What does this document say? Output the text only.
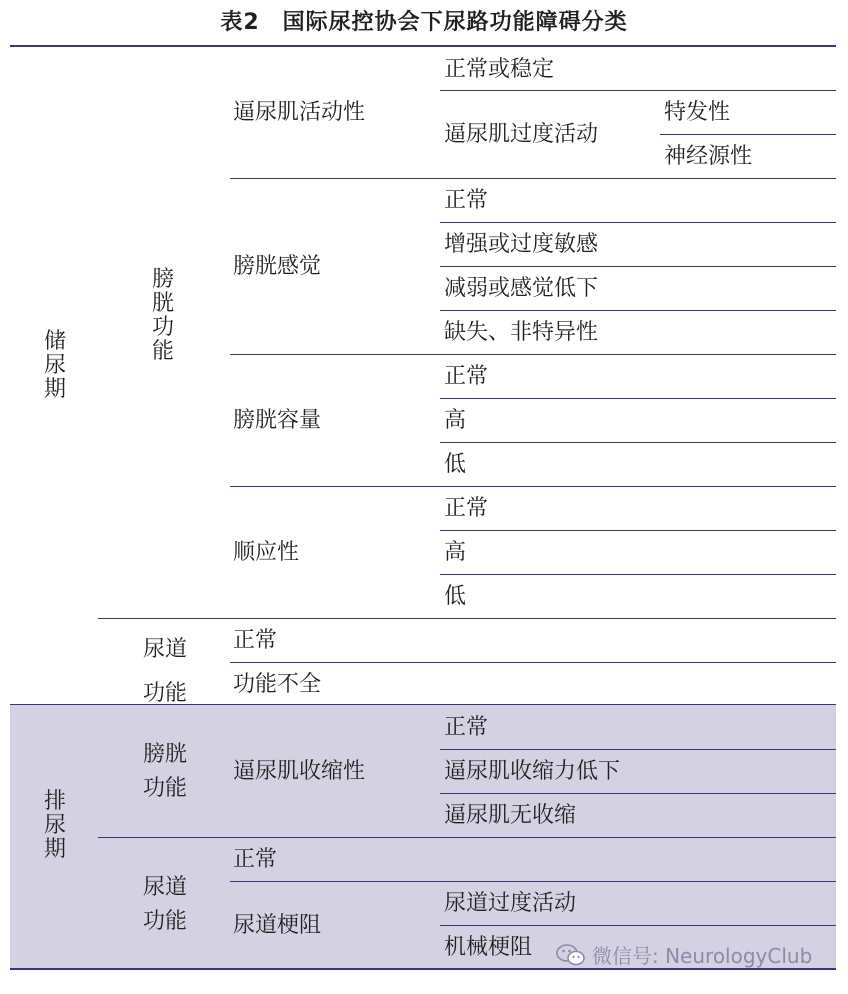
表2　国际尿控协会下尿路功能障碍分类
储尿期
排尿期
膀胱功能
逼尿肌活动性
正常或稳定
逼尿肌过度活动
特发性
神经源性
膀胱感觉
正常
增强或过度敏感
减弱或感觉低下
缺失、非特异性
膀胱容量
正常
高
低
顺应性
正常
高
低
尿道功能
正常
功能不全
膀胱功能
逼尿肌收缩性
正常
逼尿肌收缩力低下
逼尿肌无收缩
尿道功能
正常
尿道梗阻
尿道过度活动
机械梗阻	微信号: NeurologyClub
